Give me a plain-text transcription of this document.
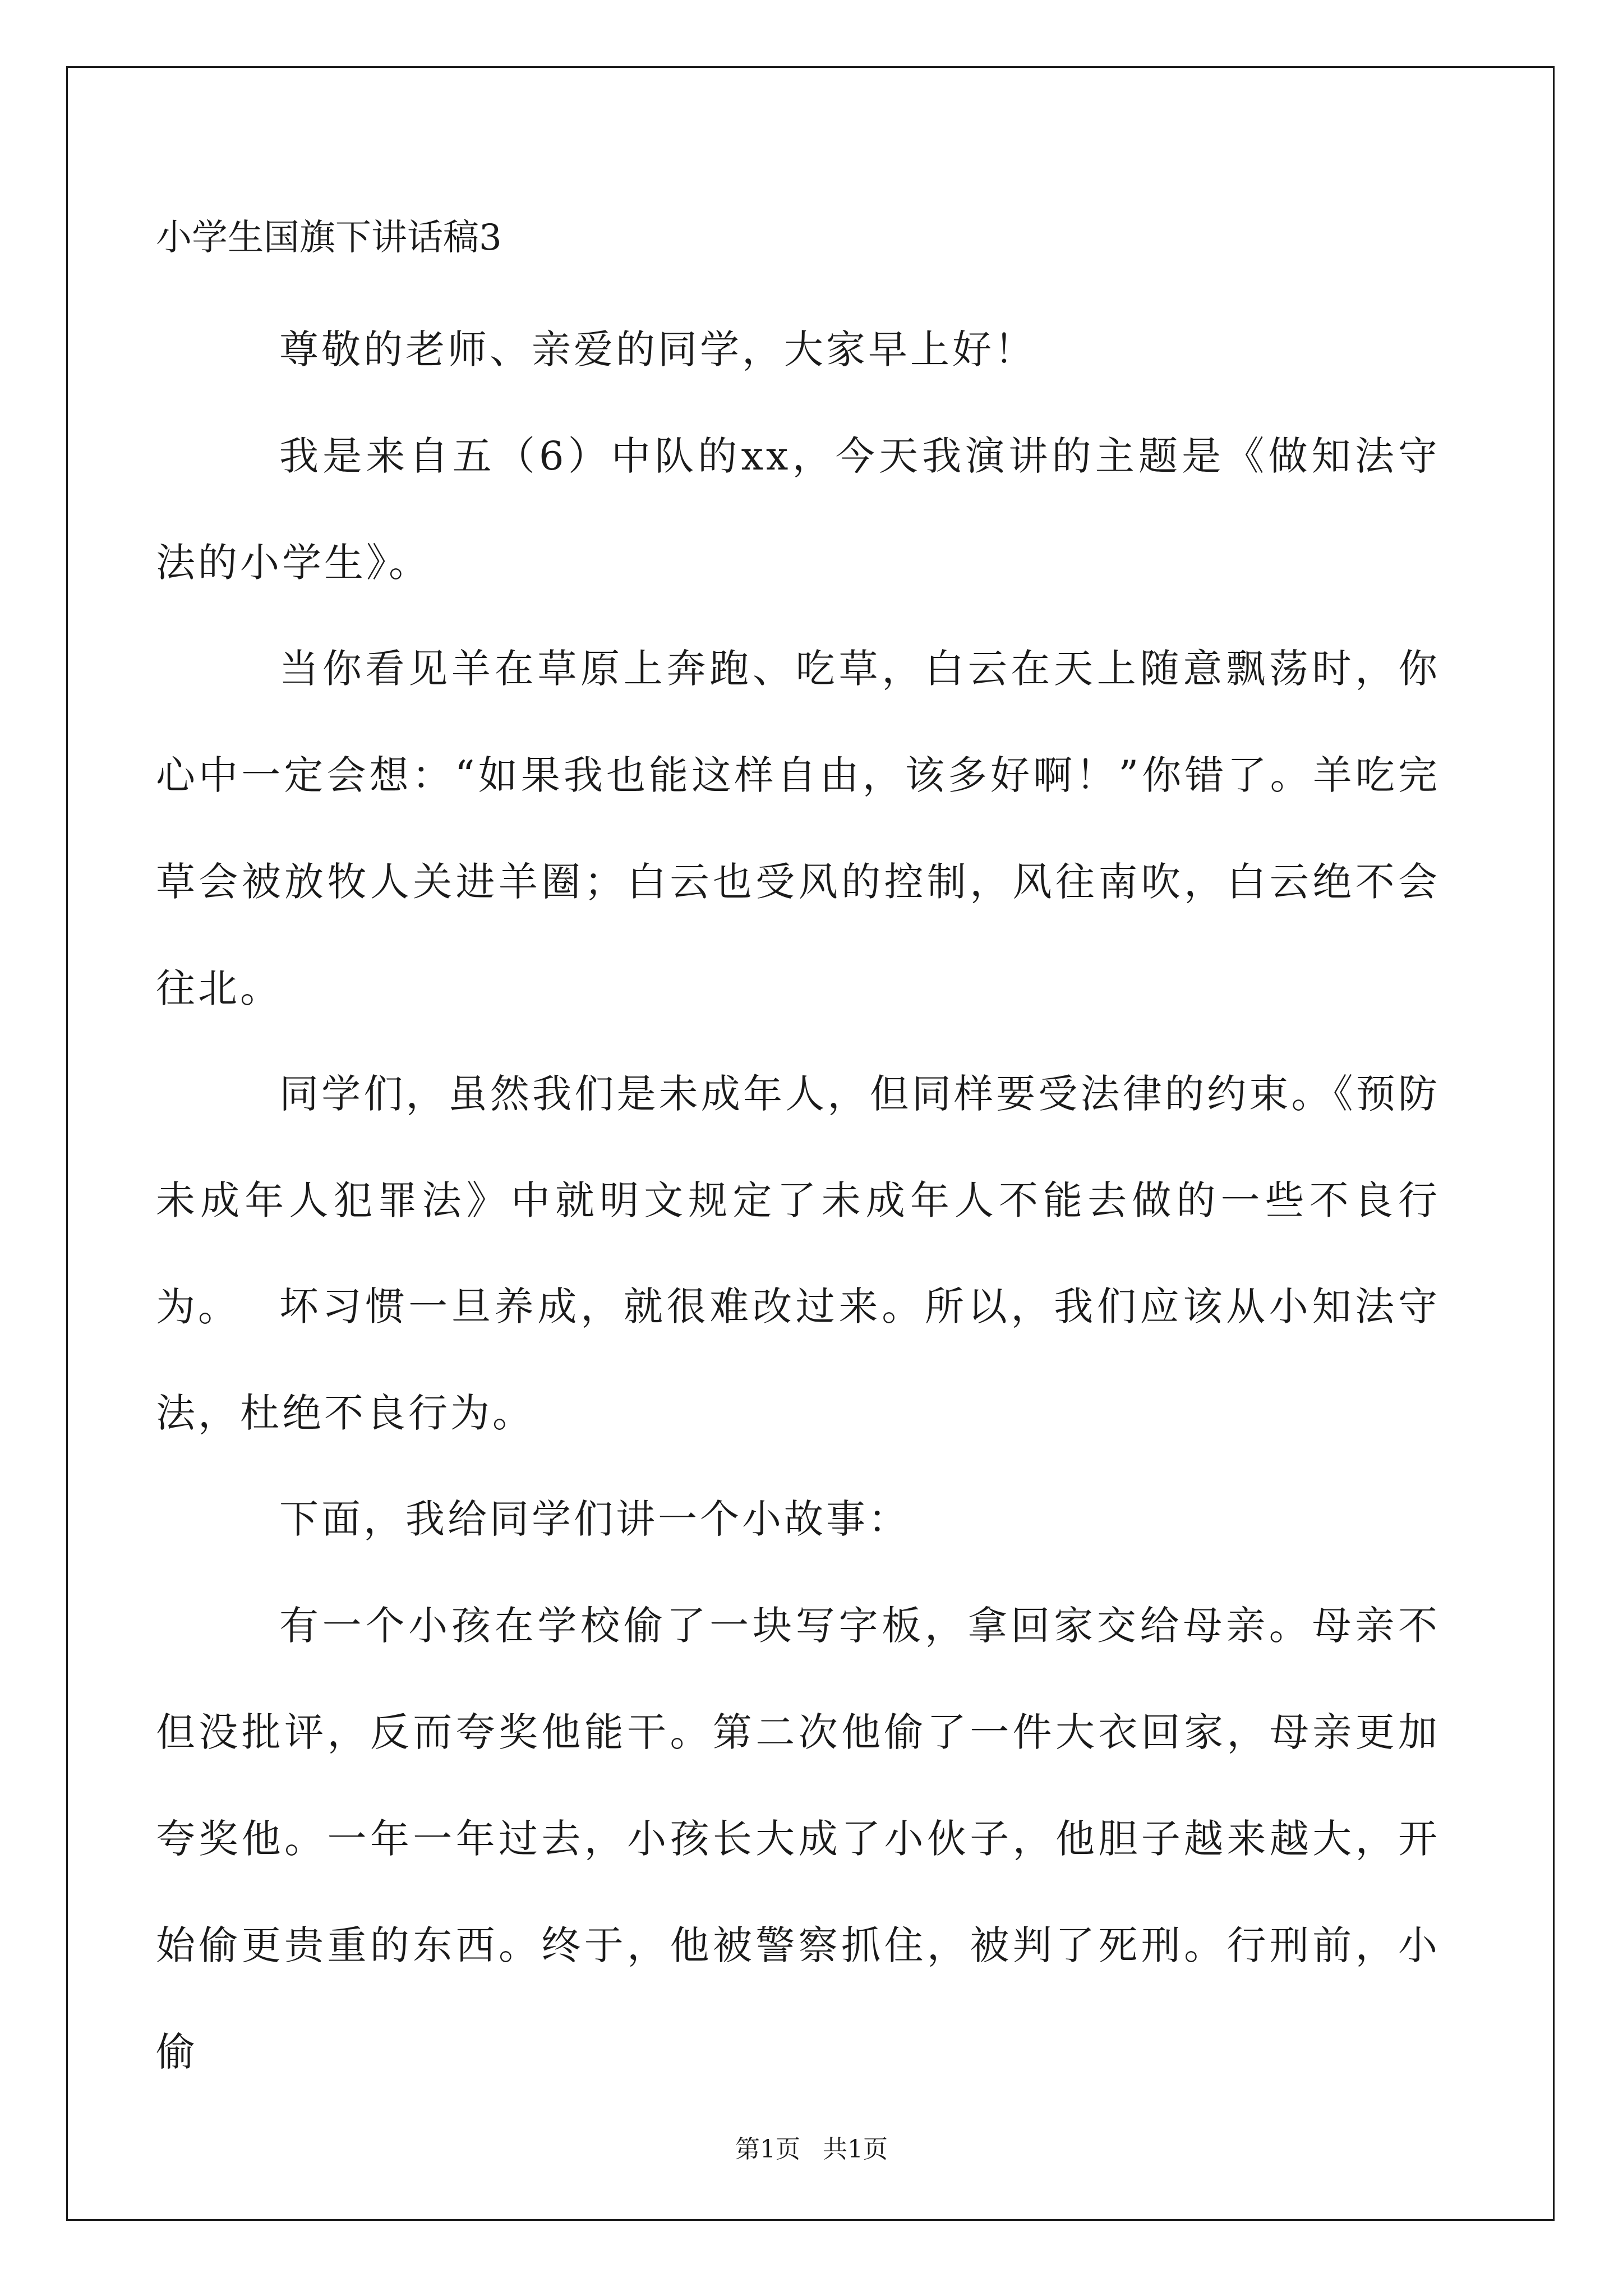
小学生国旗下讲话稿3

尊敬的老师、亲爱的同学，大家早上好！

我是来自五（6）中队的xx，今天我演讲的主题是《做知法守法的小学生》。

当你看见羊在草原上奔跑、吃草，白云在天上随意飘荡时，你心中一定会想：“如果我也能这样自由，该多好啊！”你错了。羊吃完草会被放牧人关进羊圈；白云也受风的控制，风往南吹，白云绝不会往北。

同学们，虽然我们是未成年人，但同样要受法律的约束。《预防未成年人犯罪法》中就明文规定了未成年人不能去做的一些不良行为。	坏习惯一旦养成，就很难改过来。所以，我们应该从小知法守法，杜绝不良行为。

下面，我给同学们讲一个小故事：

有一个小孩在学校偷了一块写字板，拿回家交给母亲。母亲不但没批评，反而夸奖他能干。第二次他偷了一件大衣回家，母亲更加夸奖他。一年一年过去，小孩长大成了小伙子，他胆子越来越大，开始偷更贵重的东西。终于，他被警察抓住，被判了死刑。行刑前，小偷

第1页 共1页
